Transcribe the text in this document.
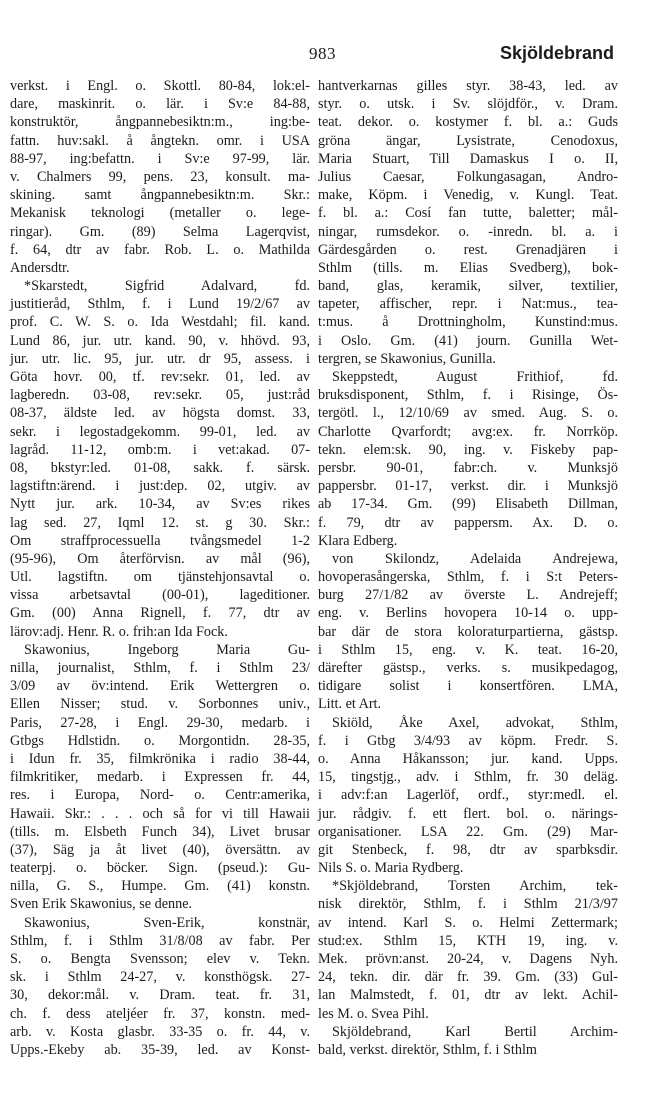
983	Skjöldebrand
verkst. i Engl. o. Skottl. 80-84, lok:el-
dare, maskinrit. o. lär. i Sv:e 84-88,
konstruktör, ångpannebesiktn:m., ing:be-
fattn. huv:sakl. å ångtekn. omr. i USA
88-97, ing:befattn. i Sv:e 97-99, lär.
v. Chalmers 99, pens. 23, konsult. ma-
skining. samt ångpannebesiktn:m. Skr.:
Mekanisk teknologi (metaller o. lege-
ringar). Gm. (89) Selma Lagerqvist,
f. 64, dtr av fabr. Rob. L. o. Mathilda
Andersdtr.
*Skarstedt, Sigfrid Adalvard, fd.
justitieråd, Sthlm, f. i Lund 19/2/67 av
prof. C. W. S. o. Ida Westdahl; fil. kand.
Lund 86, jur. utr. kand. 90, v. hhövd. 93,
jur. utr. lic. 95, jur. utr. dr 95, assess. i
Göta hovr. 00, tf. rev:sekr. 01, led. av
lagberedn. 03-08, rev:sekr. 05, just:råd
08-37, äldste led. av högsta domst. 33,
sekr. i legostadgekomm. 99-01, led. av
lagråd. 11-12, omb:m. i vet:akad. 07-
08, bkstyr:led. 01-08, sakk. f. särsk.
lagstiftn:ärend. i just:dep. 02, utgiv. av
Nytt jur. ark. 10-34, av Sv:es rikes
lag sed. 27, Iqml 12. st. g 30. Skr.:
Om straffprocessuella tvångsmedel 1-2
(95-96), Om återförvisn. av mål (96),
Utl. lagstiftn. om tjänstehjonsavtal o.
vissa arbetsavtal (00-01), lageditioner.
Gm. (00) Anna Rignell, f. 77, dtr av
lärov:adj. Henr. R. o. frih:an Ida Fock.
Skawonius, Ingeborg Maria Gu-
nilla, journalist, Sthlm, f. i Sthlm 23/
3/09 av öv:intend. Erik Wettergren o.
Ellen Nisser; stud. v. Sorbonnes univ.,
Paris, 27-28, i Engl. 29-30, medarb. i
Gtbgs Hdlstidn. o. Morgontidn. 28-35,
i Idun fr. 35, filmkrönika i radio 38-44,
filmkritiker, medarb. i Expressen fr. 44,
res. i Europa, Nord- o. Centr:amerika,
Hawaii. Skr.: . . . och så for vi till Hawaii
(tills. m. Elsbeth Funch 34), Livet brusar
(37), Säg ja åt livet (40), översättn. av
teaterpj. o. böcker. Sign. (pseud.): Gu-
nilla, G. S., Humpe. Gm. (41) konstn.
Sven Erik Skawonius, se denne.
Skawonius, Sven-Erik, konstnär,
Sthlm, f. i Sthlm 31/8/08 av fabr. Per
S. o. Bengta Svensson; elev v. Tekn.
sk. i Sthlm 24-27, v. konsthögsk. 27-
30, dekor:mål. v. Dram. teat. fr. 31,
ch. f. dess ateljéer fr. 37, konstn. med-
arb. v. Kosta glasbr. 33-35 o. fr. 44, v.
Upps.-Ekeby ab. 35-39, led. av Konst-
hantverkarnas gilles styr. 38-43, led. av
styr. o. utsk. i Sv. slöjdför., v. Dram.
teat. dekor. o. kostymer f. bl. a.: Guds
gröna ängar, Lysistrate, Cenodoxus,
Maria Stuart, Till Damaskus I o. II,
Julius Caesar, Folkungasagan, Andro-
make, Köpm. i Venedig, v. Kungl. Teat.
f. bl. a.: Cosí fan tutte, baletter; mål-
ningar, rumsdekor. o. -inredn. bl. a. i
Gärdesgården o. rest. Grenadjären i
Sthlm (tills. m. Elias Svedberg), bok-
band, glas, keramik, silver, textilier,
tapeter, affischer, repr. i Nat:mus., tea-
t:mus. å Drottningholm, Kunstind:mus.
i Oslo. Gm. (41) journ. Gunilla Wet-
tergren, se Skawonius, Gunilla.
Skeppstedt, August Frithiof, fd.
bruksdisponent, Sthlm, f. i Risinge, Ös-
tergötl. l., 12/10/69 av smed. Aug. S. o.
Charlotte Qvarfordt; avg:ex. fr. Norrköp.
tekn. elem:sk. 90, ing. v. Fiskeby pap-
persbr. 90-01, fabr:ch. v. Munksjö
pappersbr. 01-17, verkst. dir. i Munksjö
ab 17-34. Gm. (99) Elisabeth Dillman,
f. 79, dtr av pappersm. Ax. D. o.
Klara Edberg.
von Skilondz, Adelaida Andrejewa,
hovoperasångerska, Sthlm, f. i S:t Peters-
burg 27/1/82 av överste L. Andrejeff;
eng. v. Berlins hovopera 10-14 o. upp-
bar där de stora koloraturpartierna, gästsp.
i Sthlm 15, eng. v. K. teat. 16-20,
därefter gästsp., verks. s. musikpedagog,
tidigare solist i konsertfören. LMA,
Litt. et Art.
Skiöld, Åke Axel, advokat, Sthlm,
f. i Gtbg 3/4/93 av köpm. Fredr. S.
o. Anna Håkansson; jur. kand. Upps.
15, tingstjg., adv. i Sthlm, fr. 30 deläg.
i adv:f:an Lagerlöf, ordf., styr:medl. el.
jur. rådgiv. f. ett flert. bol. o. närings-
organisationer. LSA 22. Gm. (29) Mar-
git Stenbeck, f. 98, dtr av sparbksdir.
Nils S. o. Maria Rydberg.
*Skjöldebrand, Torsten Archim, tek-
nisk direktör, Sthlm, f. i Sthlm 21/3/97
av intend. Karl S. o. Helmi Zettermark;
stud:ex. Sthlm 15, KTH 19, ing. v.
Mek. prövn:anst. 20-24, v. Dagens Nyh.
24, tekn. dir. där fr. 39. Gm. (33) Gul-
lan Malmstedt, f. 01, dtr av lekt. Achil-
les M. o. Svea Pihl.
Skjöldebrand, Karl Bertil Archim-
bald, verkst. direktör, Sthlm, f. i Sthlm
